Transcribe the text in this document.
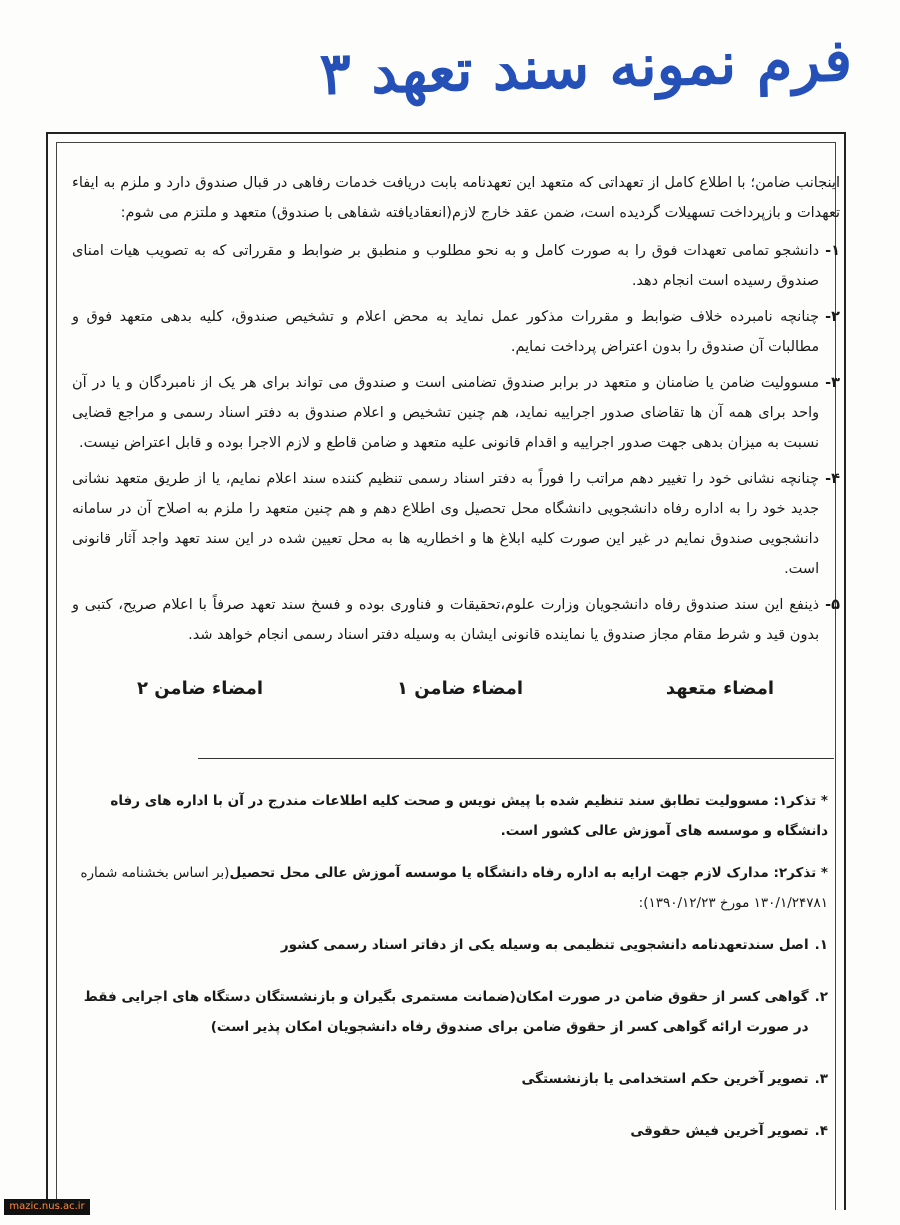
فرم نمونه سند تعهد ۳

اینجانب ضامن؛ با اطلاع کامل از تعهداتی که متعهد این تعهدنامه بابت دریافت خدمات رفاهی در قبال صندوق دارد و ملزم به ایفاء تعهدات و بازپرداخت تسهیلات گردیده است، ضمن عقد خارج لازم(انعقادیافته شفاهی با صندوق) متعهد و ملتزم می شوم:

۱-
دانشجو تمامی تعهدات فوق را به صورت کامل و به نحو مطلوب و منطبق بر ضوابط و مقرراتی که به تصویب هیات امنای صندوق رسیده است انجام دهد.
۲-
چنانچه نامبرده خلاف ضوابط و مقررات مذکور عمل نماید به محض اعلام و تشخیص صندوق، کلیه بدهی متعهد فوق و مطالبات آن صندوق را بدون اعتراض پرداخت نمایم.
۳-
مسوولیت ضامن یا ضامنان و متعهد در برابر صندوق تضامنی است و صندوق می تواند برای هر یک از نامبردگان و یا در آن واحد برای همه آن ها تقاضای صدور اجراییه نماید، هم چنین تشخیص و اعلام صندوق به دفتر اسناد رسمی و مراجع قضایی نسبت به میزان بدهی جهت صدور اجراییه و اقدام قانونی علیه متعهد و ضامن قاطع و لازم الاجرا بوده و قابل اعتراض نیست.
۴-
چنانچه نشانی خود را تغییر دهم مراتب را فوراً به دفتر اسناد رسمی تنظیم کننده سند اعلام نمایم، یا از طریق متعهد نشانی جدید خود را به اداره رفاه دانشجویی دانشگاه محل تحصیل وی اطلاع دهم و هم چنین متعهد را ملزم به اصلاح آن در سامانه دانشجویی صندوق نمایم در غیر این صورت کلیه ابلاغ ها و اخطاریه ها به محل تعیین شده در این سند تعهد واجد آثار قانونی است.
۵-
ذینفع این سند صندوق رفاه دانشجویان وزارت علوم،تحقیقات و فناوری بوده و فسخ سند تعهد صرفاً با اعلام صریح، کتبی و بدون قید و شرط مقام مجاز صندوق یا نماینده قانونی ایشان به وسیله دفتر اسناد رسمی انجام خواهد شد.
امضاء متعهد
امضاء ضامن ۱
امضاء ضامن ۲

* تذکر۱: مسوولیت تطابق سند تنظیم شده با پیش نویس و صحت کلیه اطلاعات مندرج در آن با اداره های رفاه دانشگاه و موسسه های آموزش عالی کشور است.

* تذکر۲: مدارک لازم جهت ارایه به اداره رفاه دانشگاه یا موسسه آموزش عالی محل تحصیل(بر اساس بخشنامه شماره ۱۳۰/۱/۲۴۷۸۱ مورخ ۱۳۹۰/۱۲/۲۳):

۱.
اصل سندتعهدنامه دانشجویی تنظیمی به وسیله یکی از دفاتر اسناد رسمی کشور
۲.
گواهی کسر از حقوق ضامن در صورت امکان(ضمانت مستمری بگیران و بازنشستگان دستگاه های اجرایی فقط در صورت ارائه گواهی کسر از حقوق ضامن برای صندوق رفاه دانشجویان امکان پذیر است)
۳.
تصویر آخرین حکم استخدامی یا بازنشستگی
۴.
تصویر آخرین فیش حقوقی
mazic.nus.ac.ir
